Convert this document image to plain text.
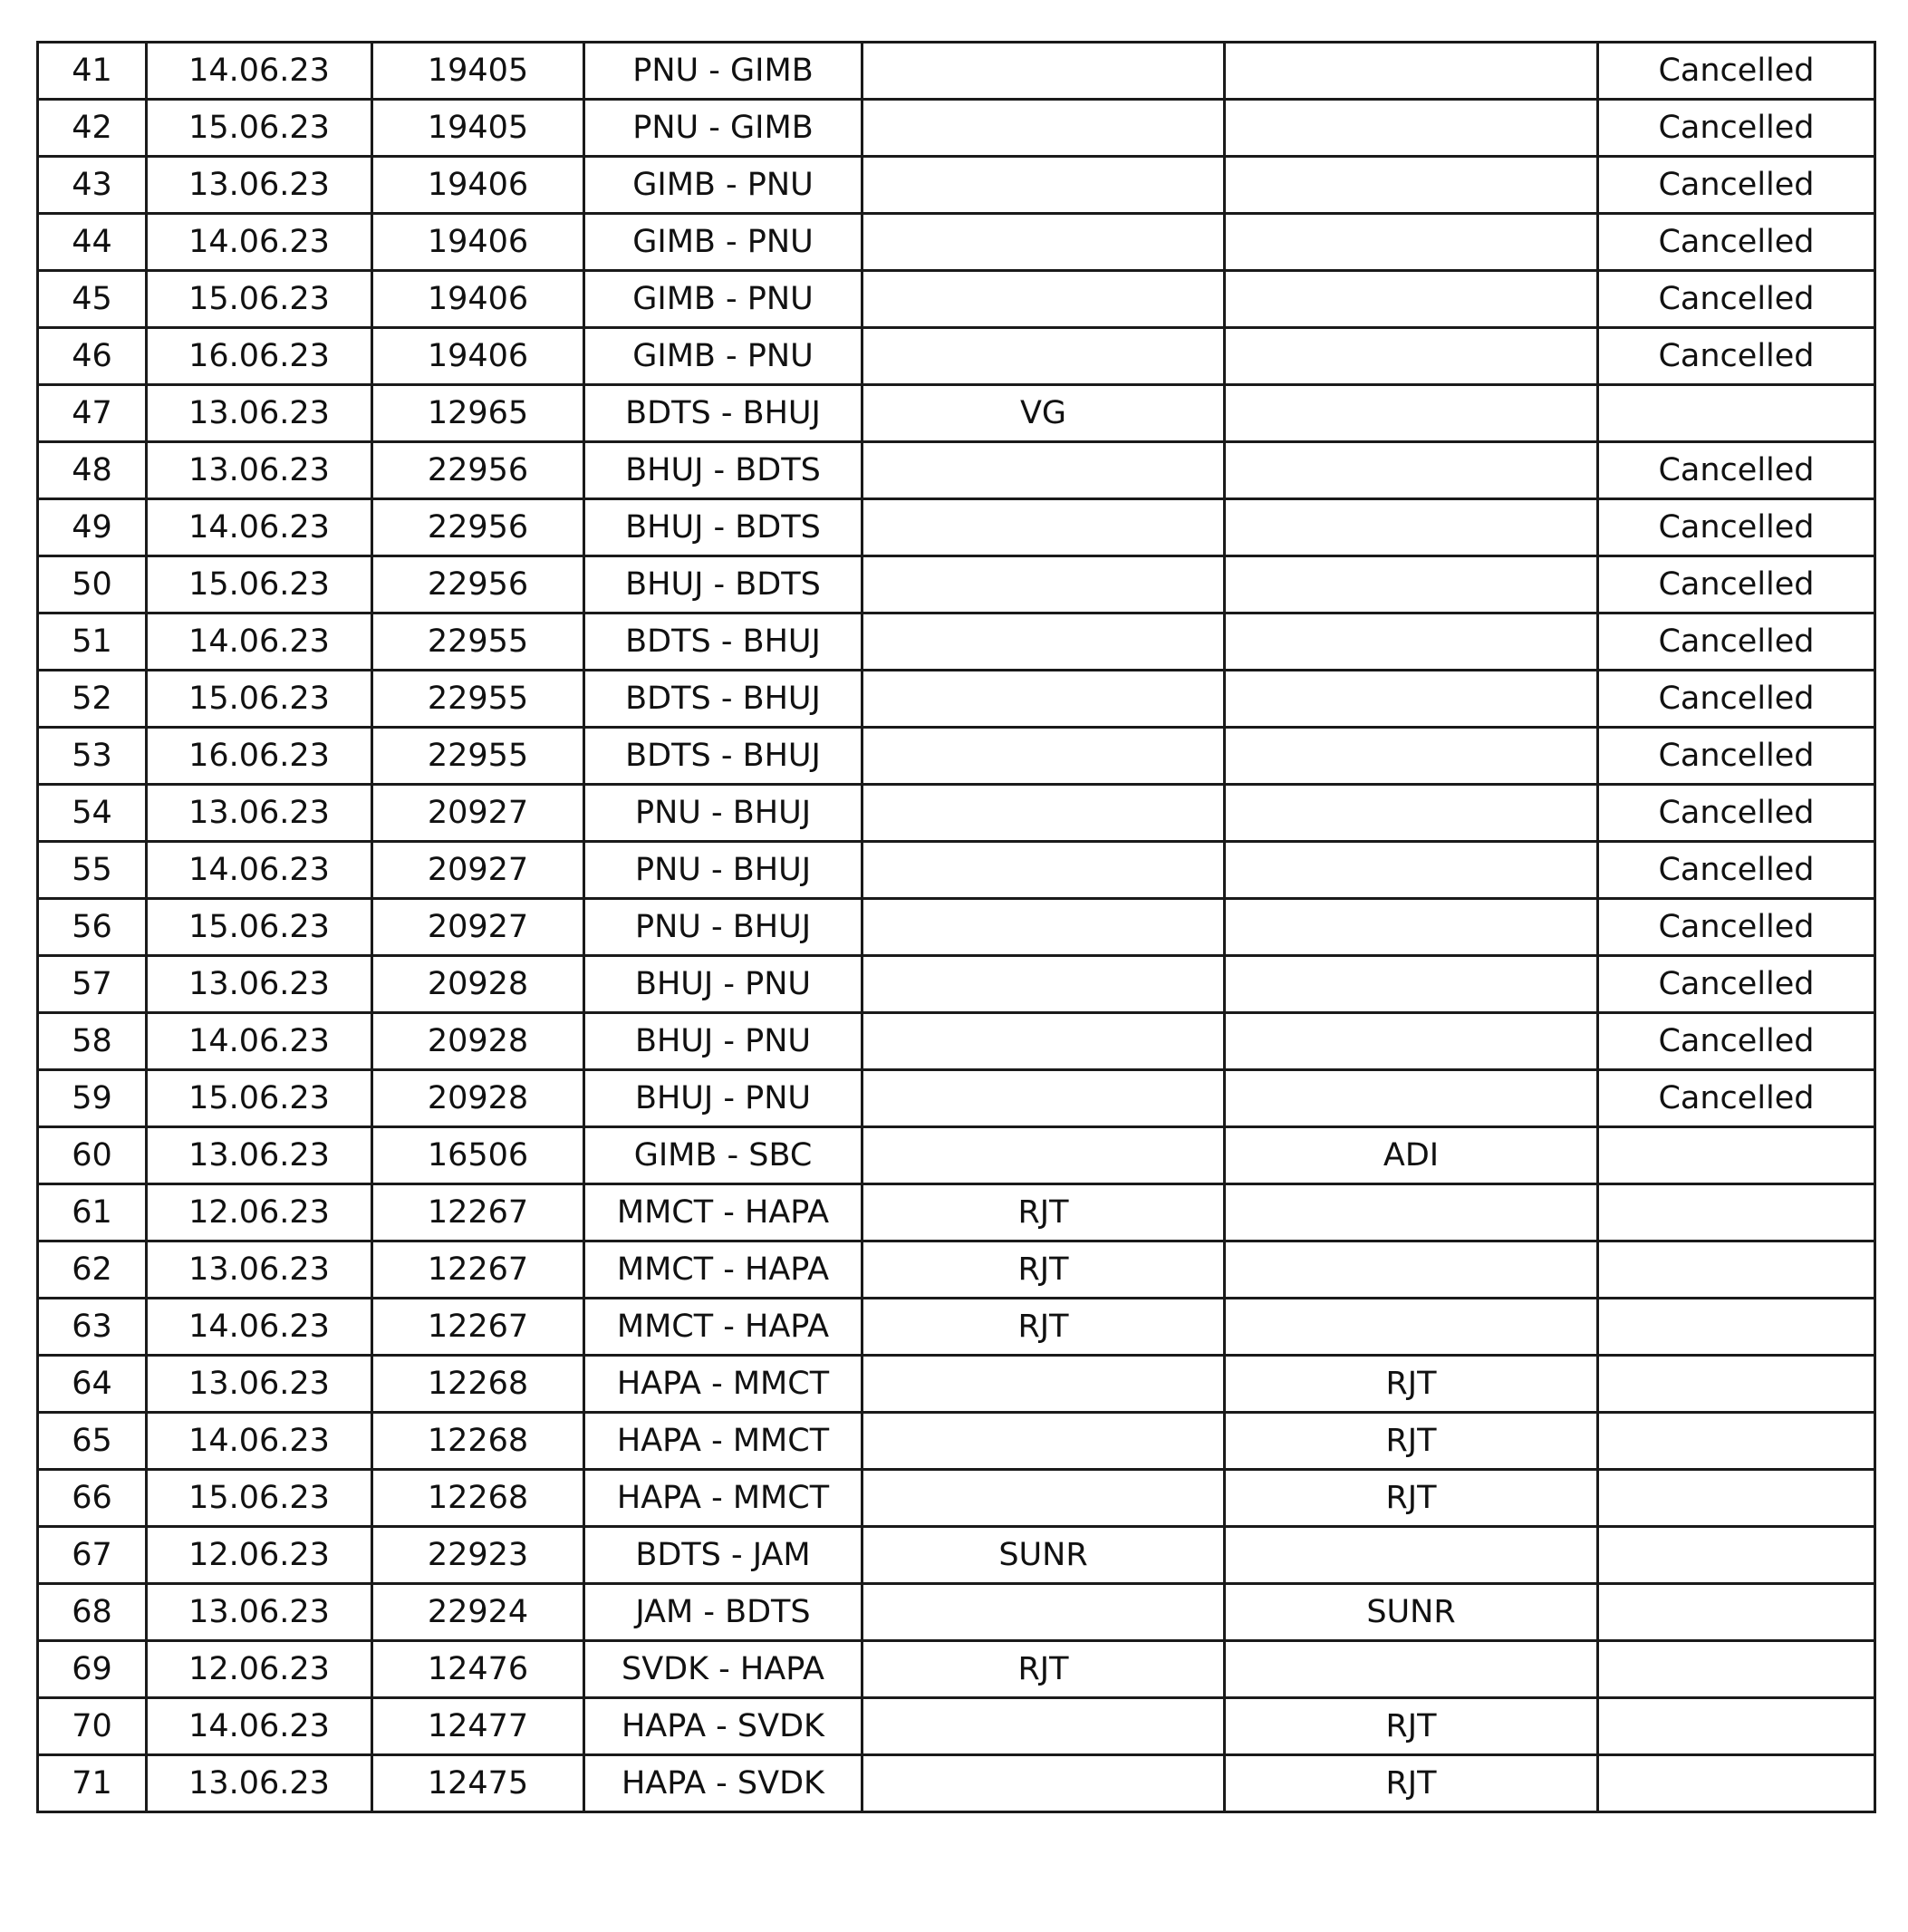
41	14.06.23	19405	PNU - GIMB			Cancelled
42	15.06.23	19405	PNU - GIMB			Cancelled
43	13.06.23	19406	GIMB - PNU			Cancelled
44	14.06.23	19406	GIMB - PNU			Cancelled
45	15.06.23	19406	GIMB - PNU			Cancelled
46	16.06.23	19406	GIMB - PNU			Cancelled
47	13.06.23	12965	BDTS - BHUJ	VG		
48	13.06.23	22956	BHUJ - BDTS			Cancelled
49	14.06.23	22956	BHUJ - BDTS			Cancelled
50	15.06.23	22956	BHUJ - BDTS			Cancelled
51	14.06.23	22955	BDTS - BHUJ			Cancelled
52	15.06.23	22955	BDTS - BHUJ			Cancelled
53	16.06.23	22955	BDTS - BHUJ			Cancelled
54	13.06.23	20927	PNU - BHUJ			Cancelled
55	14.06.23	20927	PNU - BHUJ			Cancelled
56	15.06.23	20927	PNU - BHUJ			Cancelled
57	13.06.23	20928	BHUJ - PNU			Cancelled
58	14.06.23	20928	BHUJ - PNU			Cancelled
59	15.06.23	20928	BHUJ - PNU			Cancelled
60	13.06.23	16506	GIMB - SBC		ADI	
61	12.06.23	12267	MMCT - HAPA	RJT		
62	13.06.23	12267	MMCT - HAPA	RJT		
63	14.06.23	12267	MMCT - HAPA	RJT		
64	13.06.23	12268	HAPA - MMCT		RJT	
65	14.06.23	12268	HAPA - MMCT		RJT	
66	15.06.23	12268	HAPA - MMCT		RJT	
67	12.06.23	22923	BDTS - JAM	SUNR		
68	13.06.23	22924	JAM - BDTS		SUNR	
69	12.06.23	12476	SVDK - HAPA	RJT		
70	14.06.23	12477	HAPA - SVDK		RJT	
71	13.06.23	12475	HAPA - SVDK		RJT	
